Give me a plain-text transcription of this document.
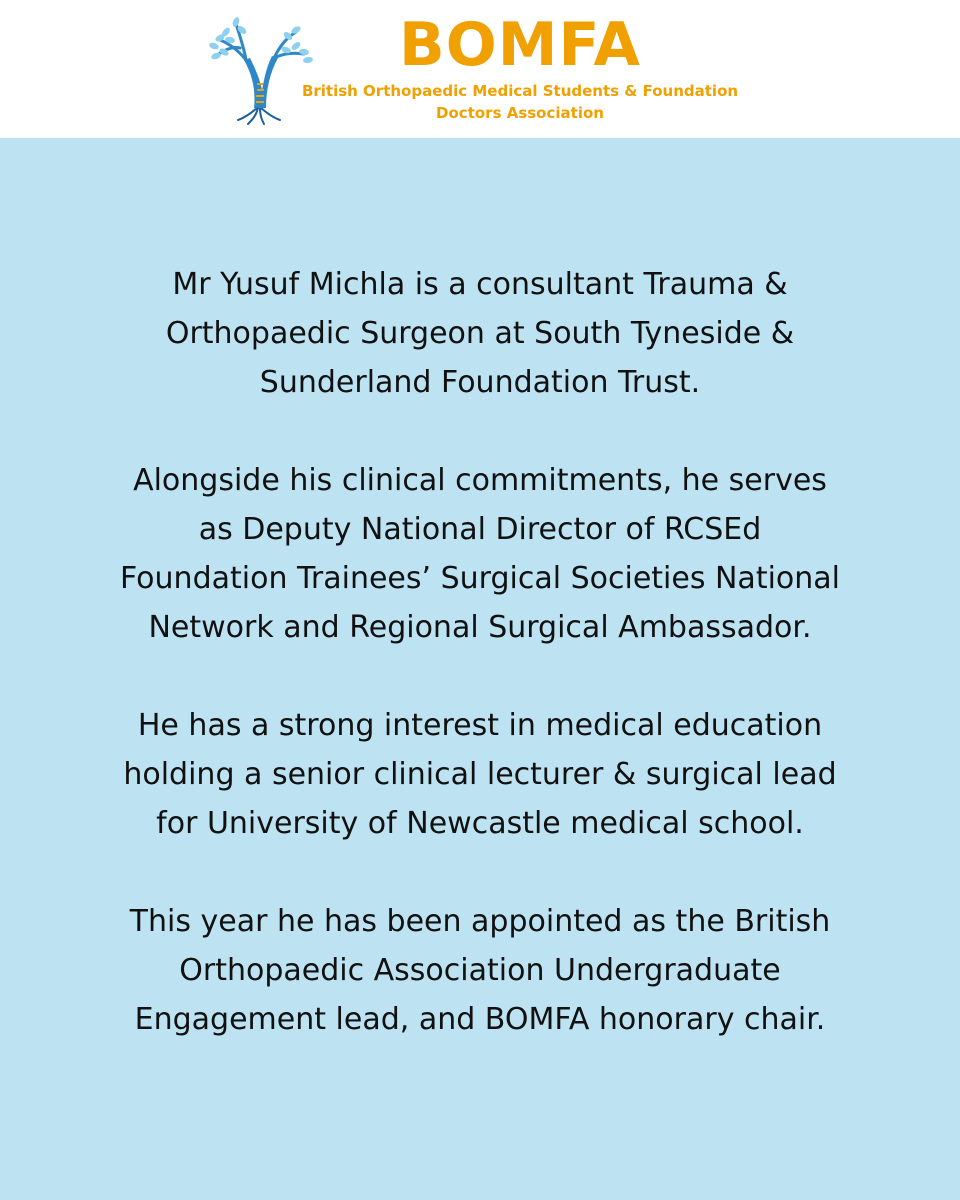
BOMFA
British Orthopaedic Medical Students & Foundation
Doctors Association

Mr Yusuf Michla is a consultant Trauma &
Orthopaedic Surgeon at South Tyneside &
Sunderland Foundation Trust.

Alongside his clinical commitments, he serves
as Deputy National Director of RCSEd
Foundation Trainees’ Surgical Societies National
Network and Regional Surgical Ambassador.

He has a strong interest in medical education
holding a senior clinical lecturer & surgical lead
for University of Newcastle medical school.

This year he has been appointed as the British
Orthopaedic Association Undergraduate
Engagement lead, and BOMFA honorary chair.
